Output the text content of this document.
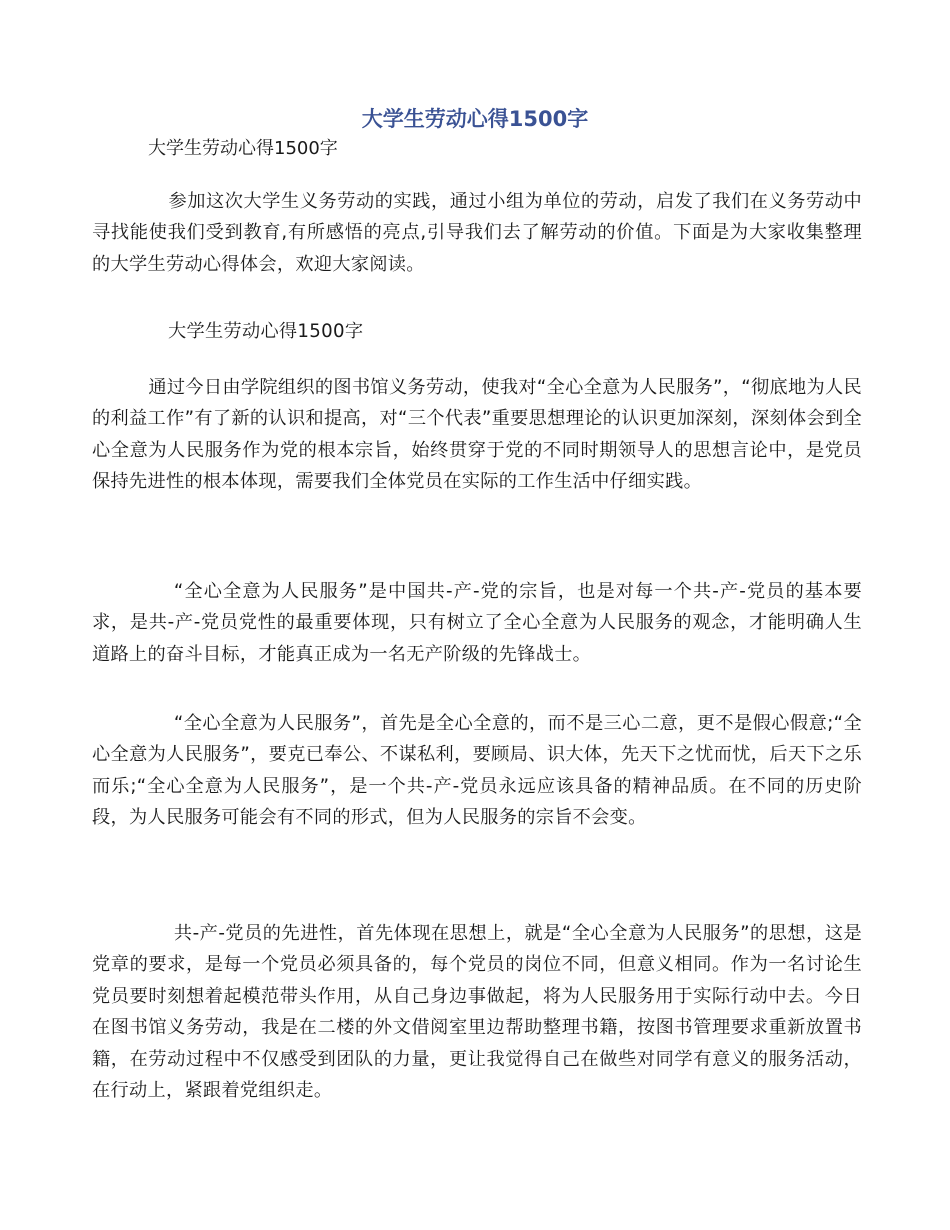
大学生劳动心得1500字

大学生劳动心得1500字

参加这次大学生义务劳动的实践，通过小组为单位的劳动，启发了我们在义务劳动中寻找能使我们受到教育,有所感悟的亮点,引导我们去了解劳动的价值。下面是为大家收集整理的大学生劳动心得体会，欢迎大家阅读。

大学生劳动心得1500字

通过今日由学院组织的图书馆义务劳动，使我对“全心全意为人民服务”，“彻底地为人民的利益工作”有了新的认识和提高，对“三个代表”重要思想理论的认识更加深刻，深刻体会到全心全意为人民服务作为党的根本宗旨，始终贯穿于党的不同时期领导人的思想言论中，是党员保持先进性的根本体现，需要我们全体党员在实际的工作生活中仔细实践。

“全心全意为人民服务”是中国共-产-党的宗旨，也是对每一个共-产-党员的基本要求，是共-产-党员党性的最重要体现，只有树立了全心全意为人民服务的观念，才能明确人生道路上的奋斗目标，才能真正成为一名无产阶级的先锋战士。

“全心全意为人民服务”，首先是全心全意的，而不是三心二意，更不是假心假意;“全心全意为人民服务”，要克已奉公、不谋私利，要顾局、识大体，先天下之忧而忧，后天下之乐而乐;“全心全意为人民服务”，是一个共-产-党员永远应该具备的精神品质。在不同的历史阶段，为人民服务可能会有不同的形式，但为人民服务的宗旨不会变。

共-产-党员的先进性，首先体现在思想上，就是“全心全意为人民服务”的思想，这是党章的要求，是每一个党员必须具备的，每个党员的岗位不同，但意义相同。作为一名讨论生党员要时刻想着起模范带头作用，从自己身边事做起，将为人民服务用于实际行动中去。今日在图书馆义务劳动，我是在二楼的外文借阅室里边帮助整理书籍，按图书管理要求重新放置书籍，在劳动过程中不仅感受到团队的力量，更让我觉得自己在做些对同学有意义的服务活动，在行动上，紧跟着党组织走。
